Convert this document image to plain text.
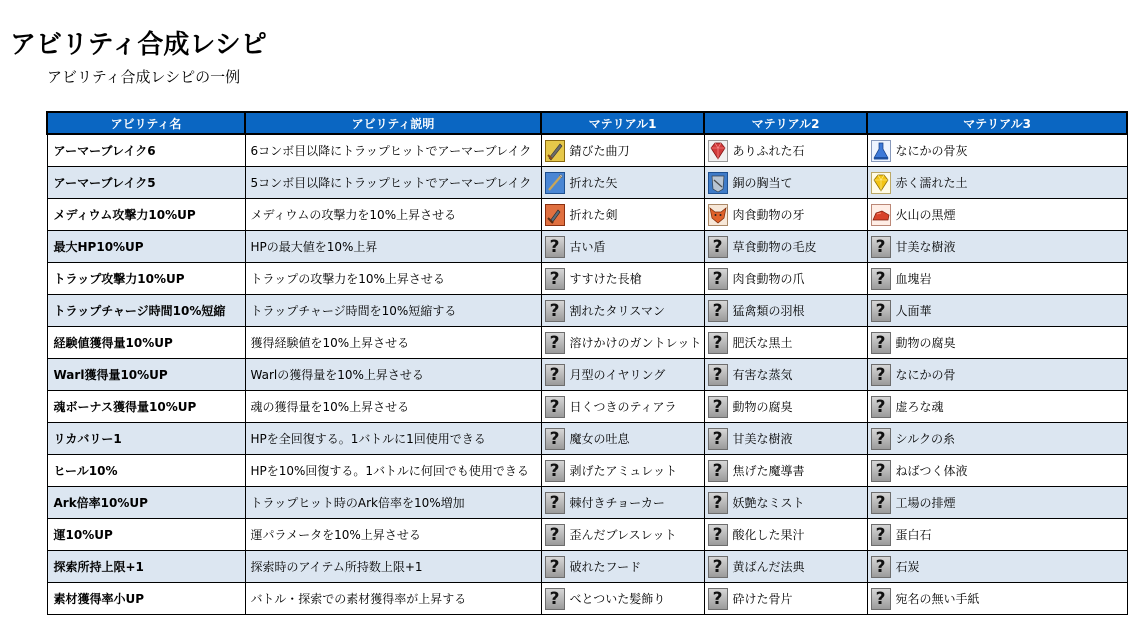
アビリティ合成レシピ
アビリティ合成レシピの一例
アビリティ名	アビリティ説明	マテリアル1	マテリアル2	マテリアル3
アーマーブレイク6	6コンボ目以降にトラップヒットでアーマーブレイク	錆びた曲刀	ありふれた石	なにかの骨灰

アーマーブレイク5	5コンボ目以降にトラップヒットでアーマーブレイク	折れた矢	銅の胸当て	赤く濡れた土

メディウム攻撃力10%UP	メディウムの攻撃力を10%上昇させる	折れた剣	肉食動物の牙	火山の黒煙

最大HP10%UP	HPの最大値を10%上昇	? 古い盾	? 草食動物の毛皮	? 甘美な樹液

トラップ攻撃力10%UP	トラップの攻撃力を10%上昇させる	? すすけた長槍	? 肉食動物の爪	? 血塊岩

トラップチャージ時間10%短縮	トラップチャージ時間を10%短縮する	? 割れたタリスマン	? 猛禽類の羽根	? 人面華

経験値獲得量10%UP	獲得経験値を10%上昇させる	? 溶けかけのガントレット	? 肥沃な黒土	? 動物の腐臭

Warl獲得量10%UP	Warlの獲得量を10%上昇させる	? 月型のイヤリング	? 有害な蒸気	? なにかの骨

魂ボーナス獲得量10%UP	魂の獲得量を10%上昇させる	? 日くつきのティアラ	? 動物の腐臭	? 虚ろな魂

リカバリー1	HPを全回復する。1バトルに1回使用できる	? 魔女の吐息	? 甘美な樹液	? シルクの糸

ヒール10%	HPを10%回復する。1バトルに何回でも使用できる	? 剥げたアミュレット	? 焦げた魔導書	? ねばつく体液

Ark倍率10%UP	トラップヒット時のArk倍率を10%増加	? 棘付きチョーカー	? 妖艶なミスト	? 工場の排煙

運10%UP	運パラメータを10%上昇させる	? 歪んだブレスレット	? 酸化した果汁	? 蛋白石

探索所持上限+1	探索時のアイテム所持数上限+1	? 破れたフード	? 黄ばんだ法典	? 石炭

素材獲得率小UP	バトル・探索での素材獲得率が上昇する	? べとついた髪飾り	? 砕けた骨片	? 宛名の無い手紙
